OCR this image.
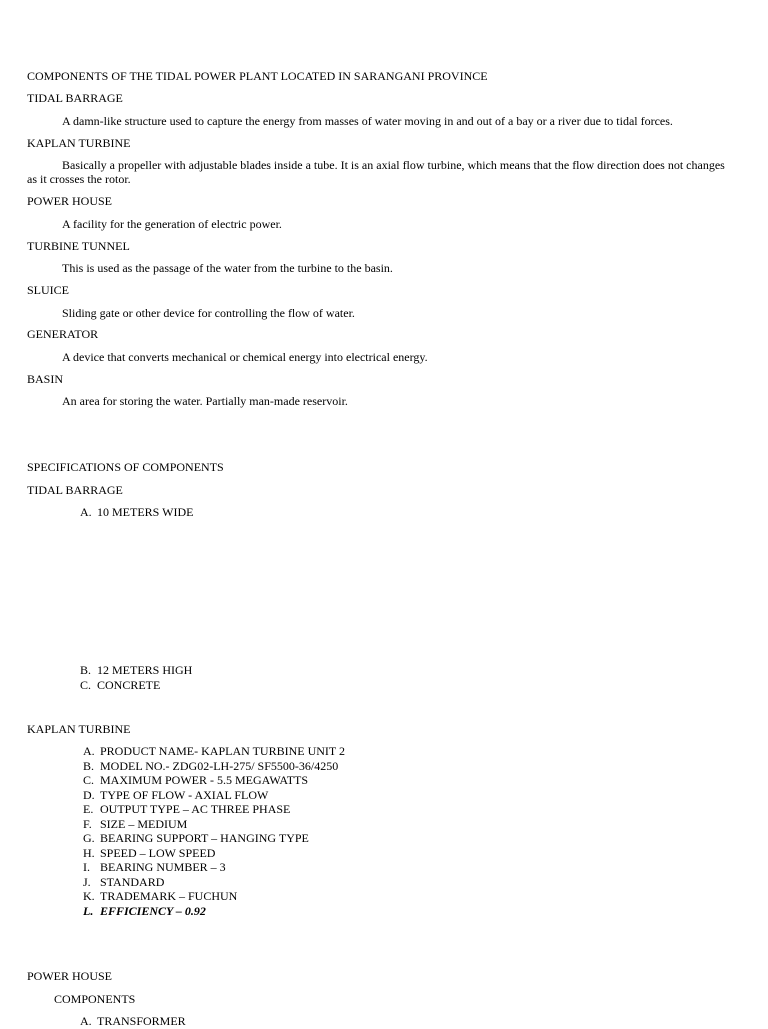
COMPONENTS OF THE TIDAL POWER PLANT LOCATED IN SARANGANI PROVINCE

TIDAL BARRAGE

A damn-like structure used to capture the energy from masses of water moving in and out of a bay or a river due to tidal forces.

KAPLAN TURBINE

Basically a propeller with adjustable blades inside a tube. It is an axial flow turbine, which means that the flow direction does not changes as it crosses the rotor.

POWER HOUSE

A facility for the generation of electric power.

TURBINE TUNNEL

This is used as the passage of the water from the turbine to the basin.

SLUICE

Sliding gate or other device for controlling the flow of water.

GENERATOR

A device that converts mechanical or chemical energy into electrical energy.

BASIN

An area for storing the water. Partially man-made reservoir.

SPECIFICATIONS OF COMPONENTS

TIDAL BARRAGE

A. 10 METERS WIDE
B. 12 METERS HIGH
C. CONCRETE

KAPLAN TURBINE

A. PRODUCT NAME- KAPLAN TURBINE UNIT 2
B. MODEL NO.- ZDG02-LH-275/ SF5500-36/4250
C. MAXIMUM POWER - 5.5 MEGAWATTS
D. TYPE OF FLOW - AXIAL FLOW
E. OUTPUT TYPE – AC THREE PHASE
F. SIZE – MEDIUM
G. BEARING SUPPORT – HANGING TYPE
H. SPEED – LOW SPEED
I. BEARING NUMBER – 3
J. STANDARD
K. TRADEMARK – FUCHUN
L. EFFICIENCY – 0.92

POWER HOUSE

COMPONENTS

A. TRANSFORMER
